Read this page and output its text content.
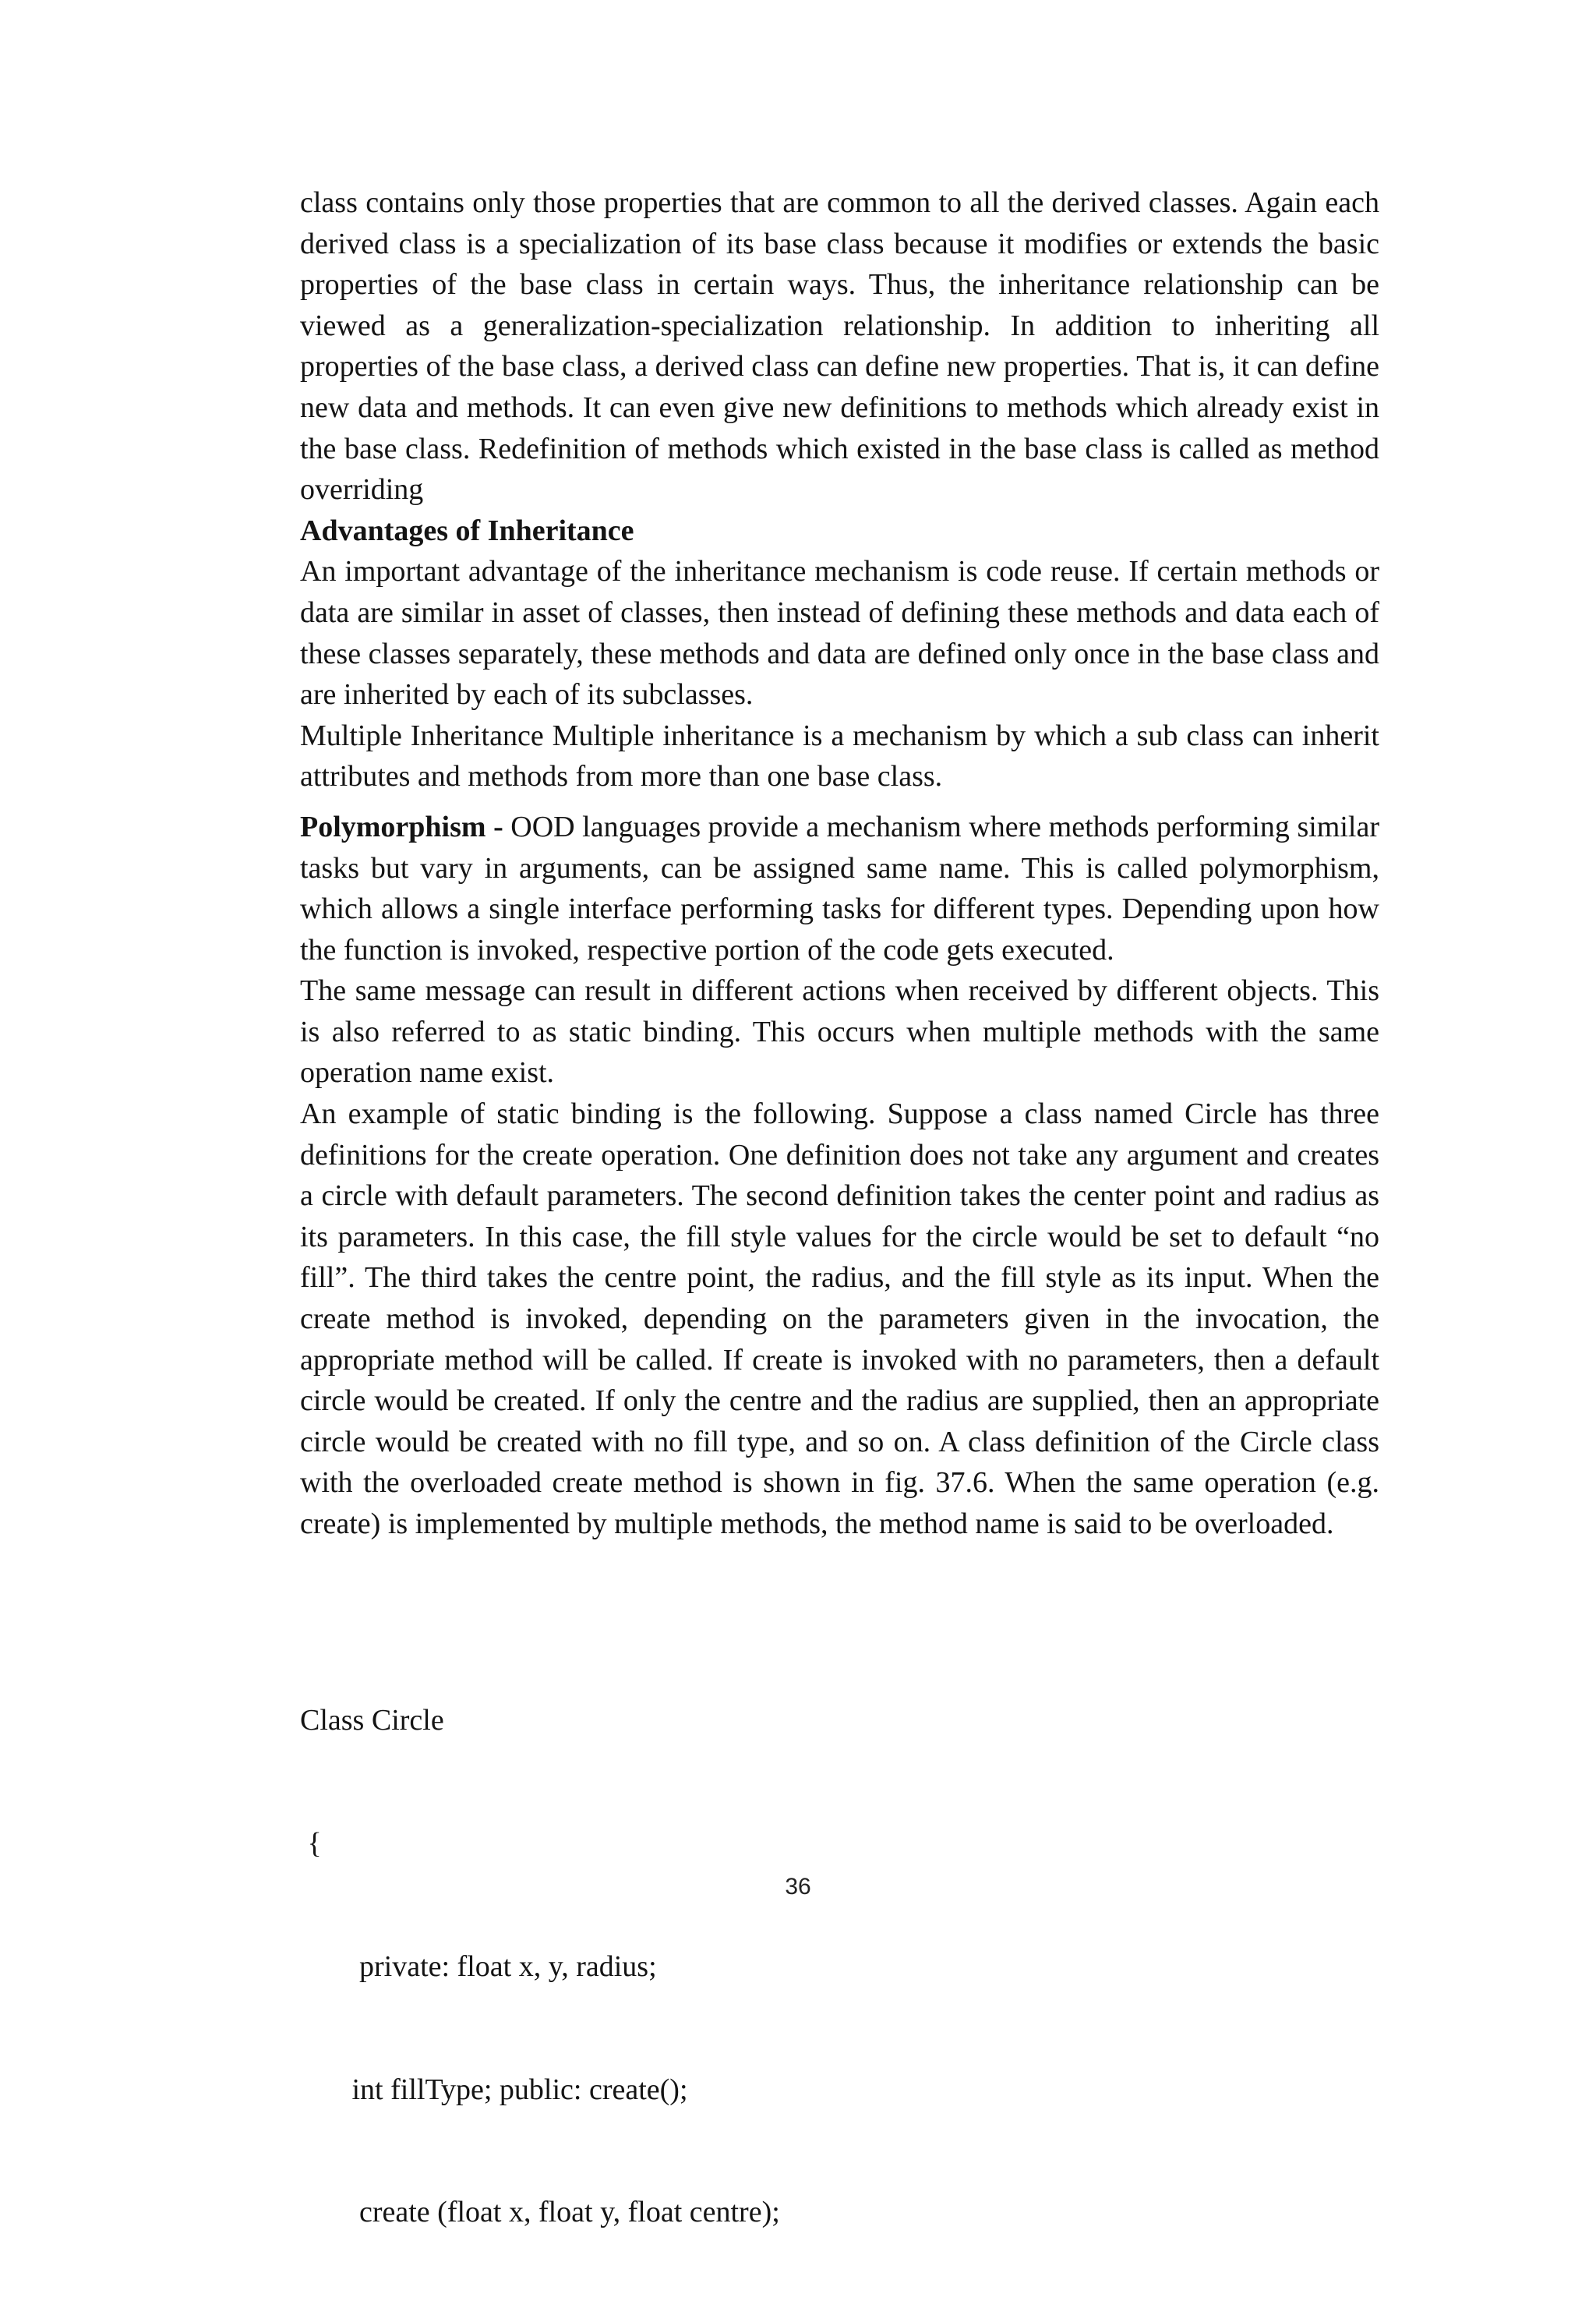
class contains only those properties that are common to all the derived classes. Again each derived class is a specialization of its base class because it modifies or extends the basic properties of the base class in certain ways. Thus, the inheritance relationship can be viewed as a generalization-specialization relationship. In addition to inheriting all properties of the base class, a derived class can define new properties. That is, it can define new data and methods. It can even give new definitions to methods which already exist in the base class. Redefinition of methods which existed in the base class is called as method overriding

Advantages of Inheritance

An important advantage of the inheritance mechanism is code reuse. If certain methods or data are similar in asset of classes, then instead of defining these methods and data each of these classes separately, these methods and data are defined only once in the base class and are inherited by each of its subclasses.

Multiple Inheritance Multiple inheritance is a mechanism by which a sub class can inherit attributes and methods from more than one base class.

Polymorphism - OOD languages provide a mechanism where methods performing similar tasks but vary in arguments, can be assigned same name. This is called polymorphism, which allows a single interface performing tasks for different types. Depending upon how the function is invoked, respective portion of the code gets executed.

The same message can result in different actions when received by different objects. This is also referred to as static binding. This occurs when multiple methods with the same operation name exist.

An example of static binding is the following. Suppose a class named Circle has three definitions for the create operation. One definition does not take any argument and creates a circle with default parameters. The second definition takes the center point and radius as its parameters. In this case, the fill style values for the circle would be set to default “no fill”. The third takes the centre point, the radius, and the fill style as its input. When the create method is invoked, depending on the parameters given in the invocation, the appropriate method will be called. If create is invoked with no parameters, then a default circle would be created. If only the centre and the radius are supplied, then an appropriate circle would be created with no fill type, and so on. A class definition of the Circle class with the overloaded create method is shown in fig. 37.6. When the same operation (e.g. create) is implemented by multiple methods, the method name is said to be overloaded.

Class Circle

{

private: float x, y, radius;

int fillType; public: create();

create (float x, float y, float centre);

36
